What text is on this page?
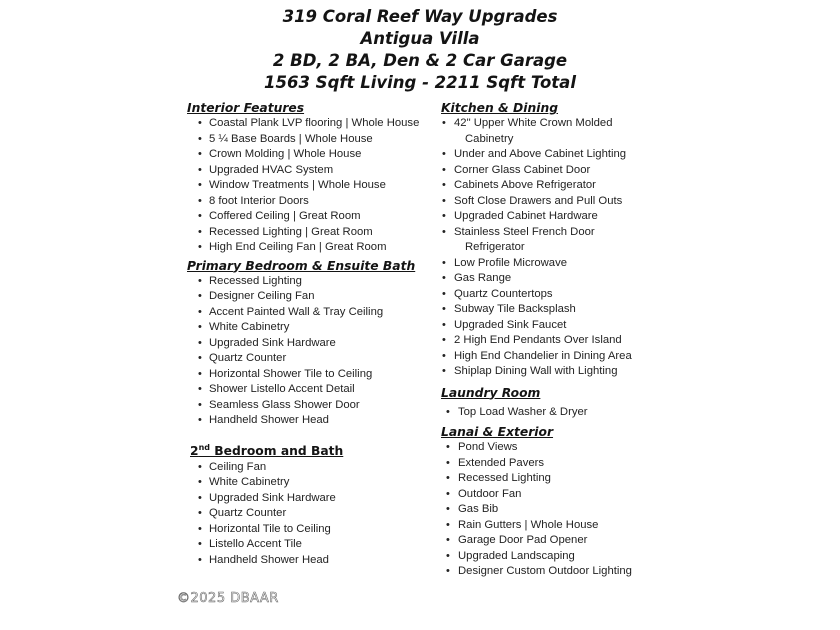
319 Coral Reef Way Upgrades
Antigua Villa
2 BD, 2 BA, Den & 2 Car Garage
1563 Sqft Living - 2211 Sqft Total
Interior Features
• Coastal Plank LVP flooring | Whole House
• 5 ¼ Base Boards | Whole House
• Crown Molding | Whole House
• Upgraded HVAC System
• Window Treatments | Whole House
• 8 foot Interior Doors
• Coffered Ceiling | Great Room
• Recessed Lighting | Great Room
• High End Ceiling Fan | Great Room
Primary Bedroom & Ensuite Bath
• Recessed Lighting
• Designer Ceiling Fan
• Accent Painted Wall & Tray Ceiling
• White Cabinetry
• Upgraded Sink Hardware
• Quartz Counter
• Horizontal Shower Tile to Ceiling
• Shower Listello Accent Detail
• Seamless Glass Shower Door
• Handheld Shower Head
2nd Bedroom and Bath
• Ceiling Fan
• White Cabinetry
• Upgraded Sink Hardware
• Quartz Counter
• Horizontal Tile to Ceiling
• Listello Accent Tile
• Handheld Shower Head
Kitchen & Dining
• 42" Upper White Crown Molded
Cabinetry
• Under and Above Cabinet Lighting
• Corner Glass Cabinet Door
• Cabinets Above Refrigerator
• Soft Close Drawers and Pull Outs
• Upgraded Cabinet Hardware
• Stainless Steel French Door
Refrigerator
• Low Profile Microwave
• Gas Range
• Quartz Countertops
• Subway Tile Backsplash
• Upgraded Sink Faucet
• 2 High End Pendants Over Island
• High End Chandelier in Dining Area
• Shiplap Dining Wall with Lighting
Laundry Room
• Top Load Washer & Dryer
Lanai & Exterior
• Pond Views
• Extended Pavers
• Recessed Lighting
• Outdoor Fan
• Gas Bib
• Rain Gutters | Whole House
• Garage Door Pad Opener
• Upgraded Landscaping
• Designer Custom Outdoor Lighting
©2025 DBAAR
